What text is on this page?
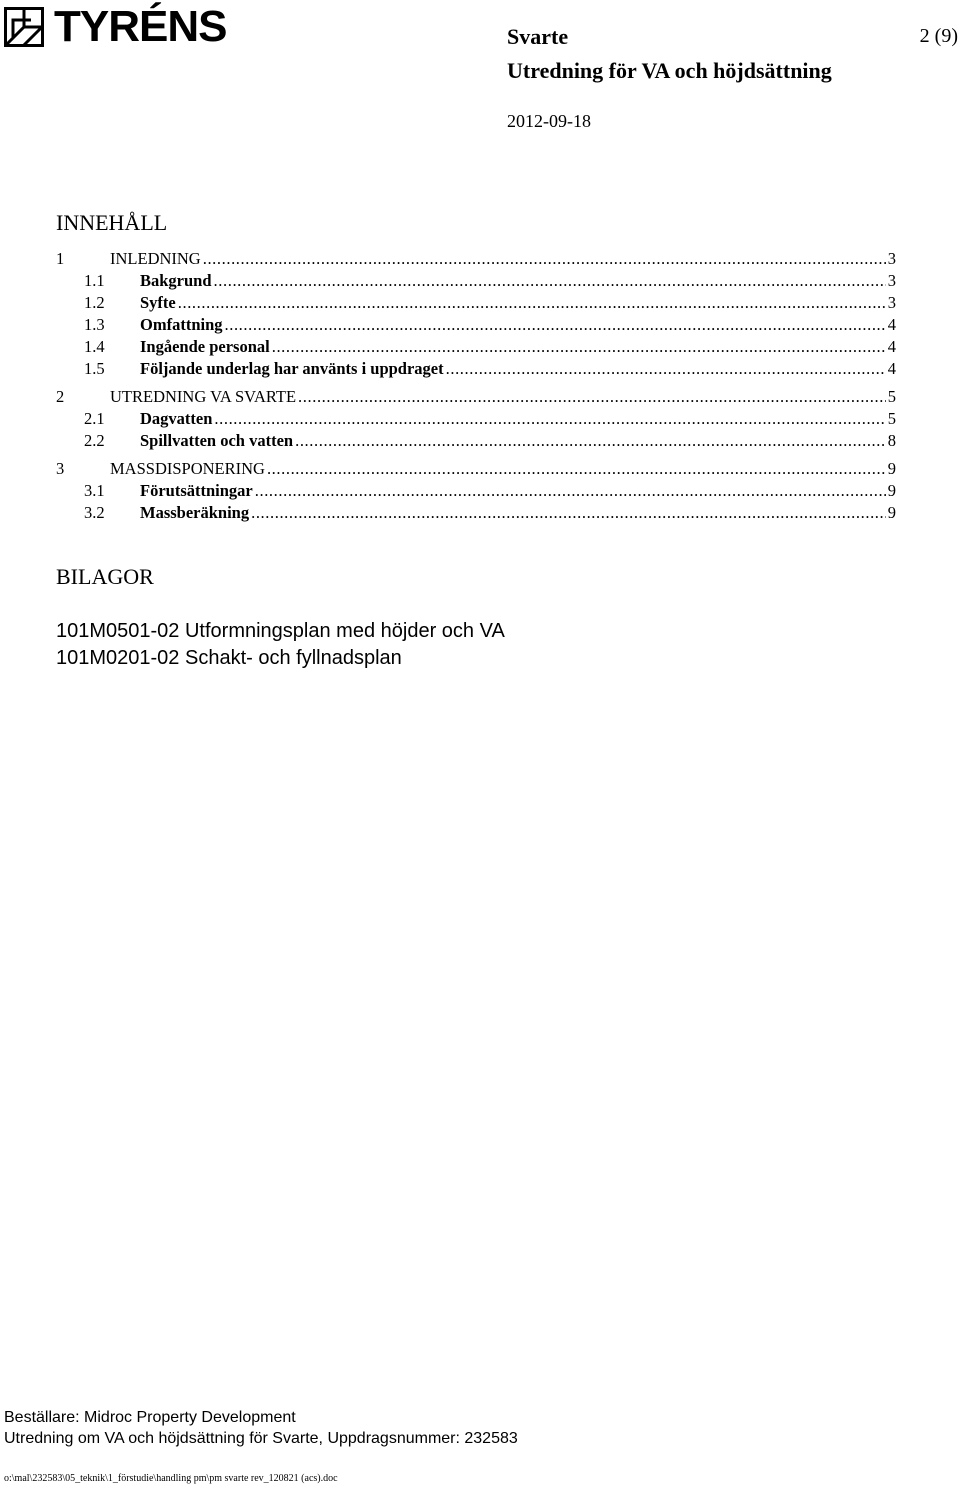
TYRÉNS	Svarte	2 (9)
Utredning för VA och höjdsättning
2012-09-18
INNEHÅLL
1	INLEDNING .....	3
1.1	Bakgrund .....	3
1.2	Syfte .....	3
1.3	Omfattning .....	4
1.4	Ingående personal .....	4
1.5	Följande underlag har använts i uppdraget .....	4
2	UTREDNING VA SVARTE .....	5
2.1	Dagvatten .....	5
2.2	Spillvatten och vatten .....	8
3	MASSDISPONERING .....	9
3.1	Förutsättningar .....	9
3.2	Massberäkning .....	9
BILAGOR
101M0501-02 Utformningsplan med höjder och VA
101M0201-02 Schakt- och fyllnadsplan
Beställare: Midroc Property Development
Utredning om VA och höjdsättning för Svarte, Uppdragsnummer: 232583
o:\mal\232583\05_teknik\1_förstudie\handling pm\pm svarte rev_120821 (acs).doc
